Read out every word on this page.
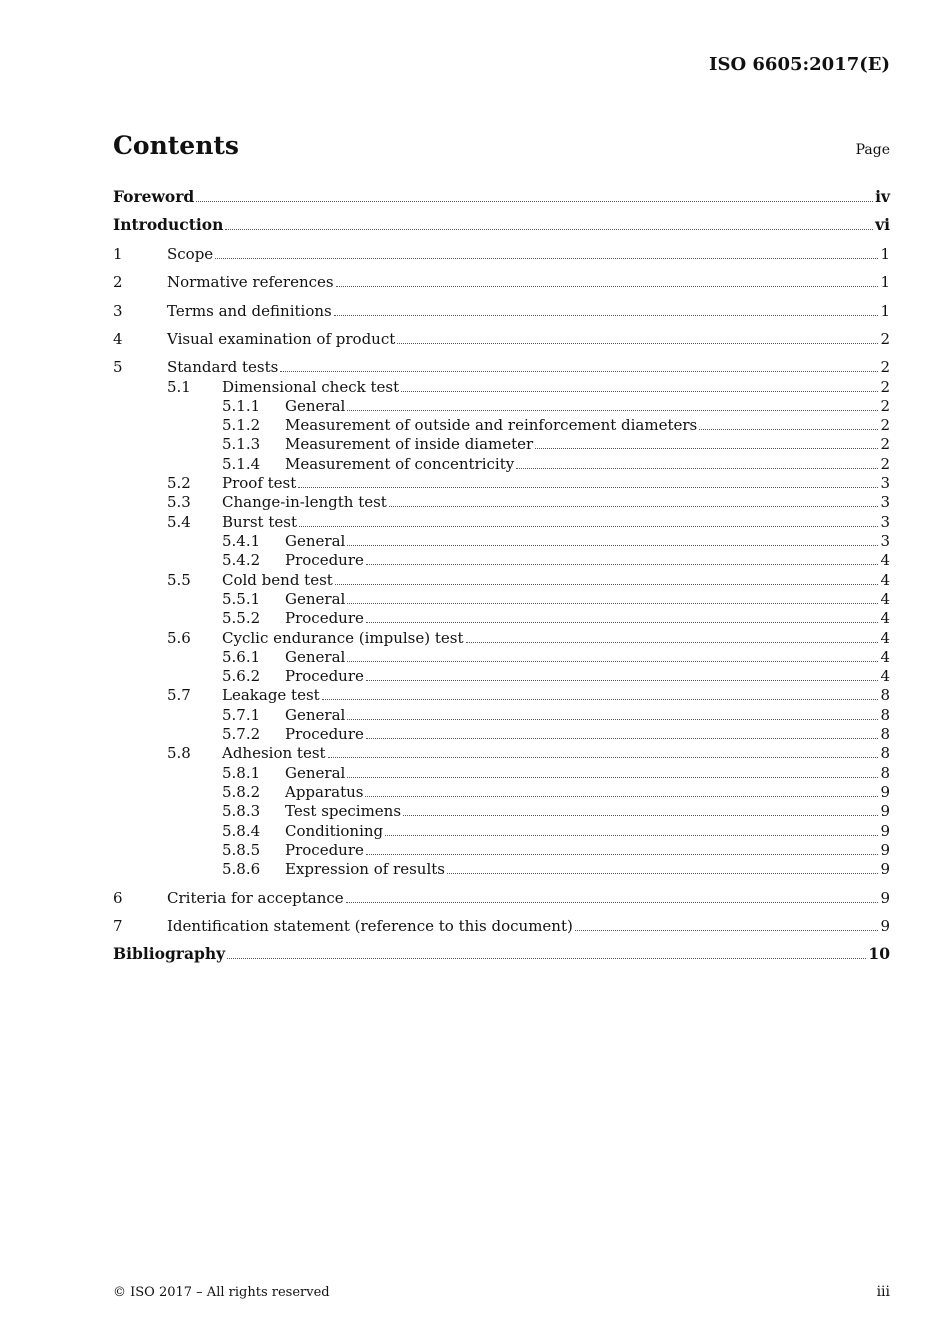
ISO 6605:2017(E)
Contents	Page
Foreword	iv
Introduction	vi
1	Scope	1
2	Normative references	1
3	Terms and definitions	1
4	Visual examination of product	2
5	Standard tests	2
5.1	Dimensional check test	2
5.1.1	General	2
5.1.2	Measurement of outside and reinforcement diameters	2
5.1.3	Measurement of inside diameter	2
5.1.4	Measurement of concentricity	2
5.2	Proof test	3
5.3	Change-in-length test	3
5.4	Burst test	3
5.4.1	General	3
5.4.2	Procedure	4
5.5	Cold bend test	4
5.5.1	General	4
5.5.2	Procedure	4
5.6	Cyclic endurance (impulse) test	4
5.6.1	General	4
5.6.2	Procedure	4
5.7	Leakage test	8
5.7.1	General	8
5.7.2	Procedure	8
5.8	Adhesion test	8
5.8.1	General	8
5.8.2	Apparatus	9
5.8.3	Test specimens	9
5.8.4	Conditioning	9
5.8.5	Procedure	9
5.8.6	Expression of results	9
6	Criteria for acceptance	9
7	Identification statement (reference to this document)	9
Bibliography	10
© ISO 2017 – All rights reserved	iii
